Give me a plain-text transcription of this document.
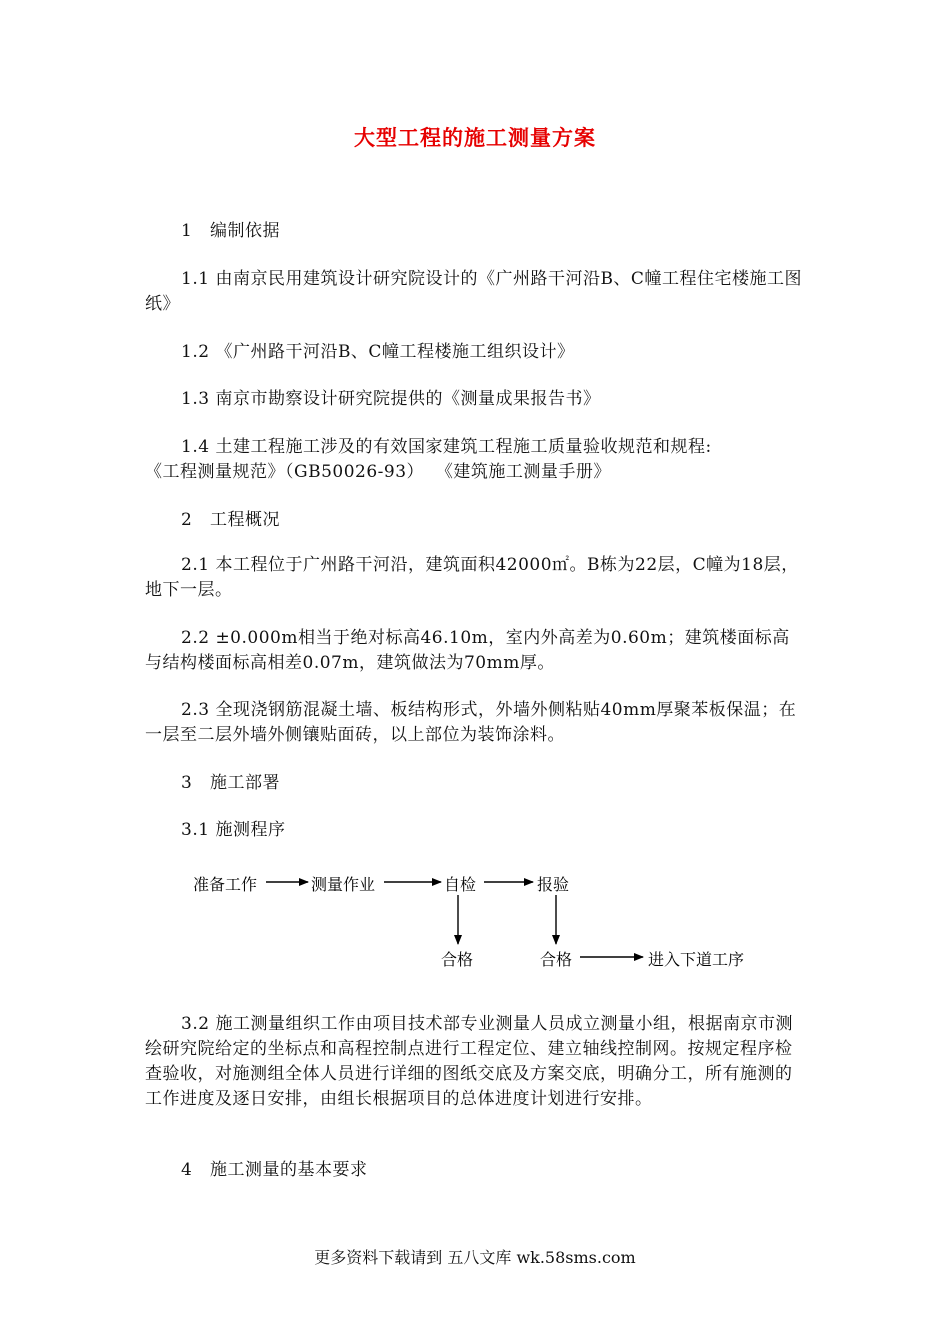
大型工程的施工测量方案
1   编制依据
1.1 由南京民用建筑设计研究院设计的《广州路干河沿B、C幢工程住宅楼施工图纸》
1.2 《广州路干河沿B、C幢工程楼施工组织设计》
1.3 南京市勘察设计研究院提供的《测量成果报告书》
1.4 土建工程施工涉及的有效国家建筑工程施工质量验收规范和规程:
《工程测量规范》（GB50026-93）  《建筑施工测量手册》
2   工程概况
2.1 本工程位于广州路干河沿，建筑面积42000㎡。B栋为22层，C幢为18层，地下一层。
2.2 ±0.000m相当于绝对标高46.10m，室内外高差为0.60m；建筑楼面标高与结构楼面标高相差0.07m，建筑做法为70mm厚。
2.3 全现浇钢筋混凝土墙、板结构形式，外墙外侧粘贴40mm厚聚苯板保温；在一层至二层外墙外侧镶贴面砖，以上部位为装饰涂料。
3   施工部署
3.1 施测程序
准备工作	测量作业	自检	报验
合格	合格	进入下道工序
3.2 施工测量组织工作由项目技术部专业测量人员成立测量小组，根据南京市测绘研究院给定的坐标点和高程控制点进行工程定位、建立轴线控制网。按规定程序检查验收，对施测组全体人员进行详细的图纸交底及方案交底，明确分工，所有施测的工作进度及逐日安排，由组长根据项目的总体进度计划进行安排。
4   施工测量的基本要求
更多资料下载请到 五八文库 wk.58sms.com
